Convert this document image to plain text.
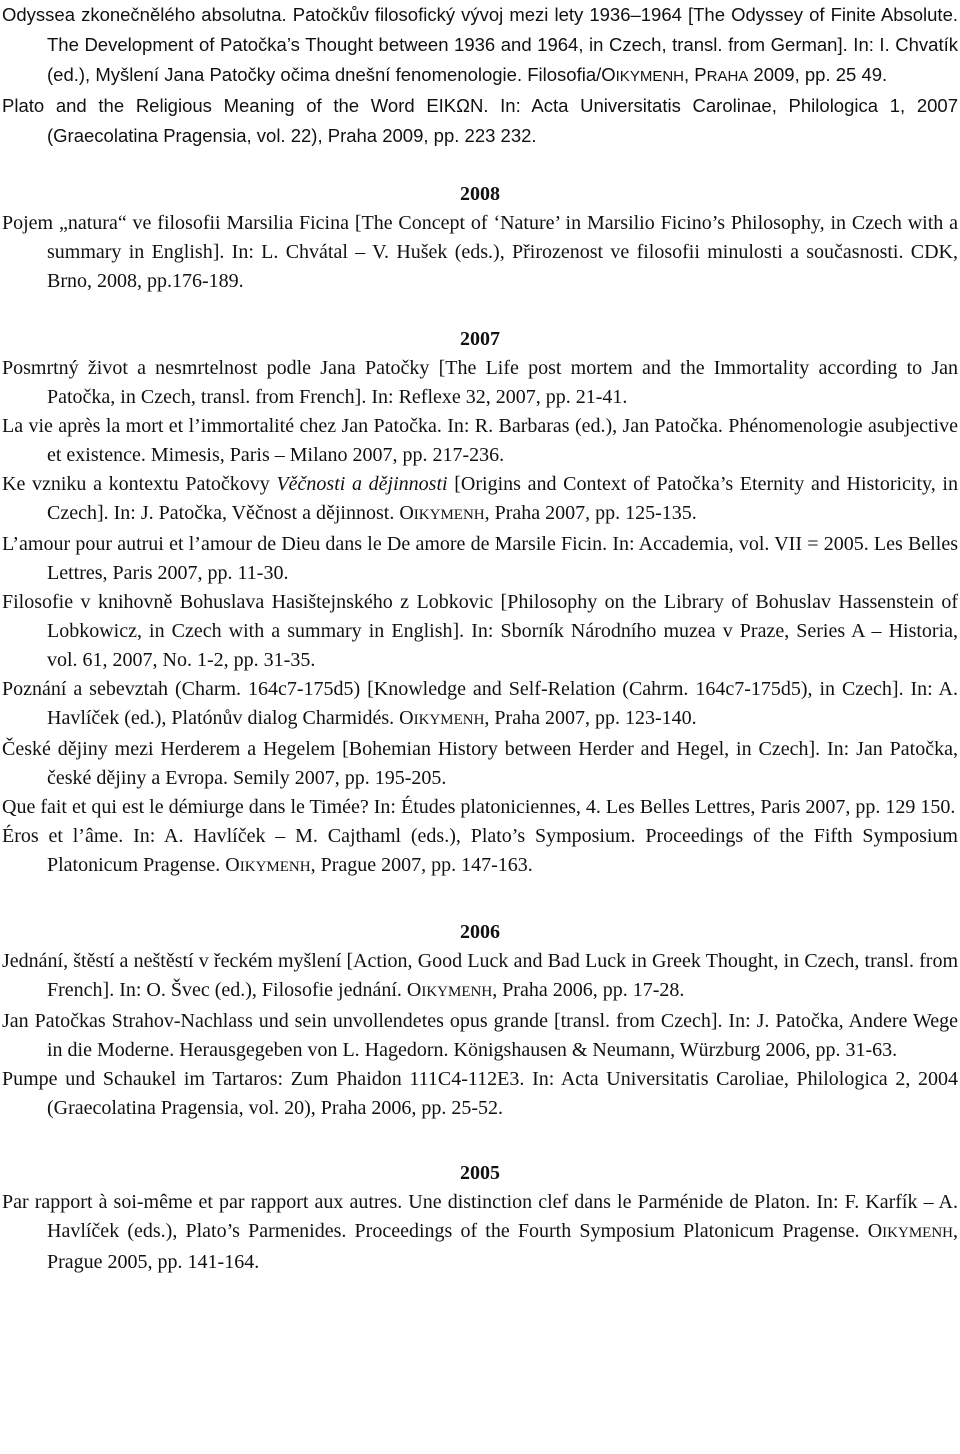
Odyssea zkonečnělého absolutna. Patočkův filosofický vývoj mezi lety 1936–1964 [The Odyssey of Finite Absolute. The Development of Patočka’s Thought between 1936 and 1964, in Czech, transl. from German]. In: I. Chvatík (ed.), Myšlení Jana Patočky očima dnešní fenomenologie. Filosofia/OIKYMENH, PRAHA 2009, pp. 25 49.

Plato and the Religious Meaning of the Word EIKΩN. In: Acta Universitatis Carolinae, Philologica 1, 2007 (Graecolatina Pragensia, vol. 22), Praha 2009, pp. 223 232.

2008

Pojem „natura“ ve filosofii Marsilia Ficina [The Concept of ‘Nature’ in Marsilio Ficino’s Philosophy, in Czech with a summary in English]. In: L. Chvátal – V. Hušek (eds.), Přirozenost ve filosofii minulosti a současnosti. CDK, Brno, 2008, pp.176-189.

2007

Posmrtný život a nesmrtelnost podle Jana Patočky [The Life post mortem and the Immortality according to Jan Patočka, in Czech, transl. from French]. In: Reflexe 32, 2007, pp. 21-41.

La vie après la mort et l’immortalité chez Jan Patočka. In: R. Barbaras (ed.), Jan Patočka. Phénomenologie asubjective et existence. Mimesis, Paris – Milano 2007, pp. 217-236.

Ke vzniku a kontextu Patočkovy Věčnosti a dějinnosti [Origins and Context of Patočka’s Eternity and Historicity, in Czech]. In: J. Patočka, Věčnost a dějinnost. OIKYMENH, Praha 2007, pp. 125-135.

L’amour pour autrui et l’amour de Dieu dans le De amore de Marsile Ficin. In: Accademia, vol. VII = 2005. Les Belles Lettres, Paris 2007, pp. 11-30.

Filosofie v knihovně Bohuslava Hasištejnského z Lobkovic [Philosophy on the Library of Bohuslav Hassenstein of Lobkowicz, in Czech with a summary in English]. In: Sborník Národního muzea v Praze, Series A – Historia, vol. 61, 2007, No. 1-2, pp. 31-35.

Poznání a sebevztah (Charm. 164c7-175d5) [Knowledge and Self-Relation (Cahrm. 164c7-175d5), in Czech]. In: A. Havlíček (ed.), Platónův dialog Charmidés. OIKYMENH, Praha 2007, pp. 123-140.

České dějiny mezi Herderem a Hegelem [Bohemian History between Herder and Hegel, in Czech]. In: Jan Patočka, české dějiny a Evropa. Semily 2007, pp. 195-205.

Que fait et qui est le démiurge dans le Timée? In: Études platoniciennes, 4. Les Belles Lettres, Paris 2007, pp. 129 150.

Éros et l’âme. In: A. Havlíček – M. Cajthaml (eds.), Plato’s Symposium. Proceedings of the Fifth Symposium Platonicum Pragense. OIKYMENH, Prague 2007, pp. 147-163.

2006

Jednání, štěstí a neštěstí v řeckém myšlení [Action, Good Luck and Bad Luck in Greek Thought, in Czech, transl. from French]. In: O. Švec (ed.), Filosofie jednání. OIKYMENH, Praha 2006, pp. 17-28.

Jan Patočkas Strahov-Nachlass und sein unvollendetes opus grande [transl. from Czech]. In: J. Patočka, Andere Wege in die Moderne. Herausgegeben von L. Hagedorn. Königshausen & Neumann, Würzburg 2006, pp. 31-63.

Pumpe und Schaukel im Tartaros: Zum Phaidon 111C4-112E3. In: Acta Universitatis Caroliae, Philologica 2, 2004 (Graecolatina Pragensia, vol. 20), Praha 2006, pp. 25-52.

2005

Par rapport à soi-même et par rapport aux autres. Une distinction clef dans le Parménide de Platon. In: F. Karfík – A. Havlíček (eds.), Plato’s Parmenides. Proceedings of the Fourth Symposium Platonicum Pragense. OIKYMENH, Prague 2005, pp. 141-164.
